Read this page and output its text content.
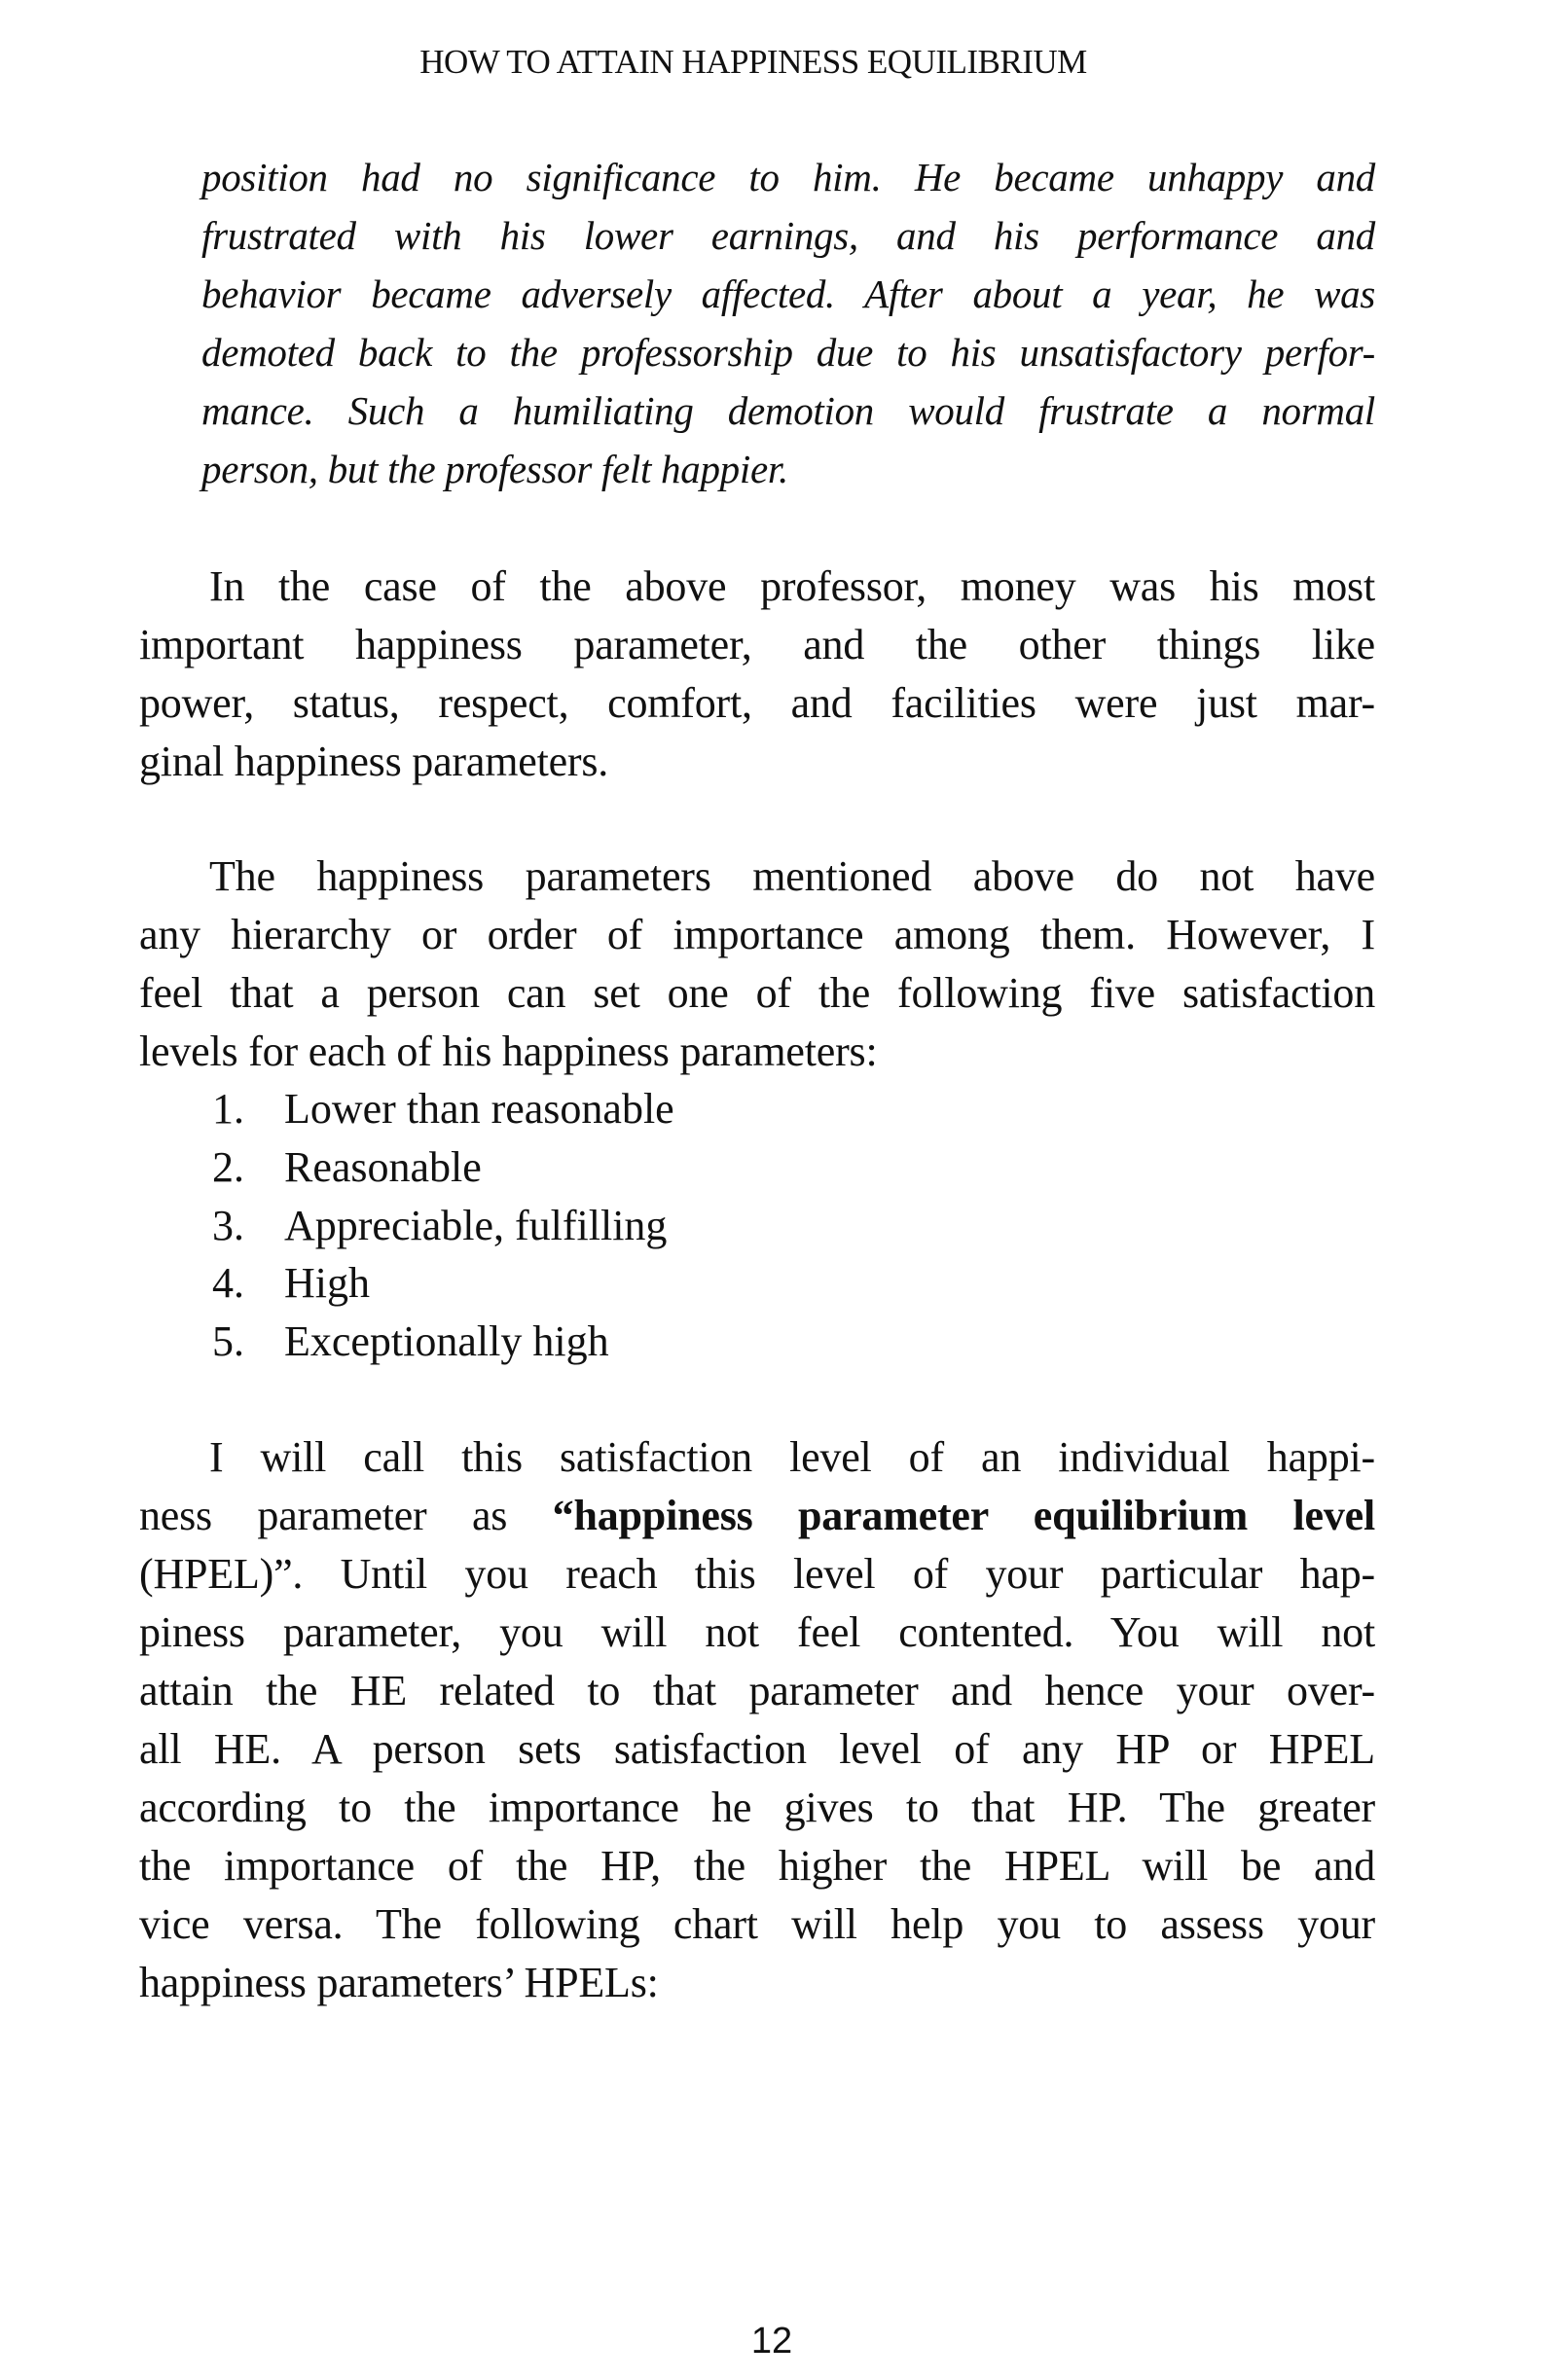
HOW TO ATTAIN HAPPINESS EQUILIBRIUM
position had no significance to him. He became unhappy and
frustrated with his lower earnings, and his performance and
behavior became adversely affected. After about a year, he was
demoted back to the professorship due to his unsatisfactory perfor-
mance. Such a humiliating demotion would frustrate a normal
person, but the professor felt happier.
In the case of the above professor, money was his most
important happiness parameter, and the other things like
power, status, respect, comfort, and facilities were just mar-
ginal happiness parameters.
The happiness parameters mentioned above do not have
any hierarchy or order of importance among them. However, I
feel that a person can set one of the following five satisfaction
levels for each of his happiness parameters:
1. Lower than reasonable
2. Reasonable
3. Appreciable, fulfilling
4. High
5. Exceptionally high
I will call this satisfaction level of an individual happi-
ness parameter as “happiness parameter equilibrium level
(HPEL)”. Until you reach this level of your particular hap-
piness parameter, you will not feel contented. You will not
attain the HE related to that parameter and hence your over-
all HE. A person sets satisfaction level of any HP or HPEL
according to the importance he gives to that HP. The greater
the importance of the HP, the higher the HPEL will be and
vice versa. The following chart will help you to assess your
happiness parameters’ HPELs:
12
